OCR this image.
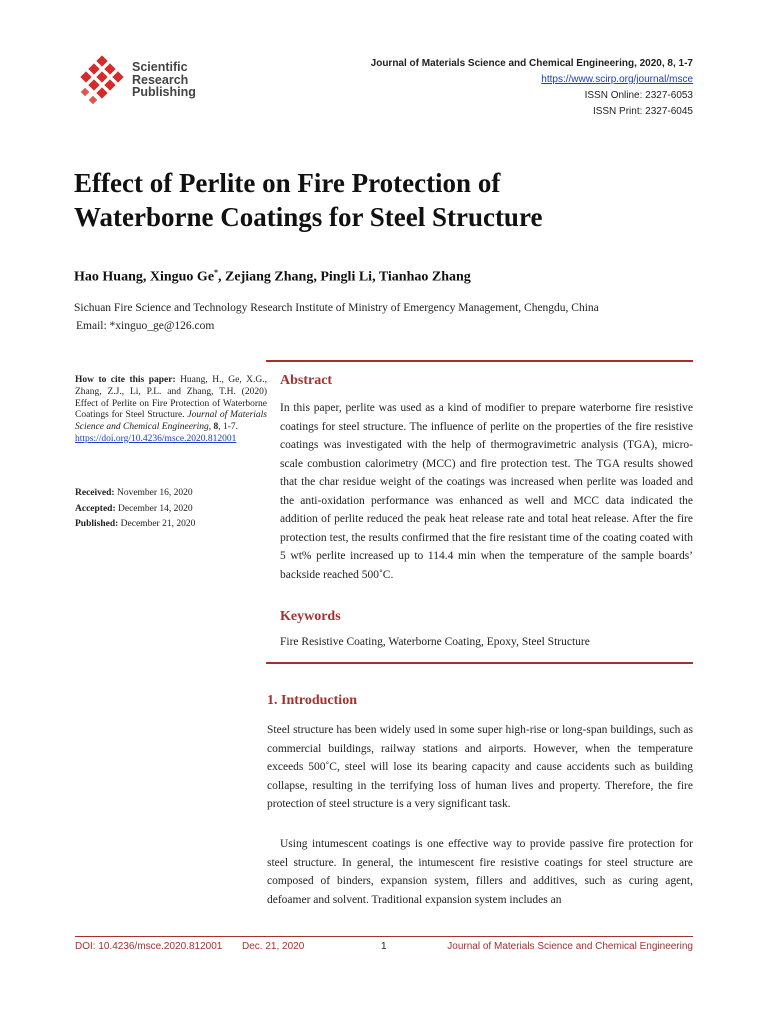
Scientific
Research
Publishing
Journal of Materials Science and Chemical Engineering, 2020, 8, 1-7
https://www.scirp.org/journal/msce
ISSN Online: 2327-6053
ISSN Print: 2327-6045
Effect of Perlite on Fire Protection of
Waterborne Coatings for Steel Structure
Hao Huang, Xinguo Ge*, Zejiang Zhang, Pingli Li, Tianhao Zhang
Sichuan Fire Science and Technology Research Institute of Ministry of Emergency Management, Chengdu, China
Email: *xinguo_ge@126.com
How to cite this paper: Huang, H., Ge, X.G., Zhang, Z.J., Li, P.L. and Zhang, T.H. (2020) Effect of Perlite on Fire Protection of Waterborne Coatings for Steel Structure. Journal of Materials Science and Chemical Engineering, 8, 1-7.
https://doi.org/10.4236/msce.2020.812001
Received: November 16, 2020
Accepted: December 14, 2020
Published: December 21, 2020
Abstract
In this paper, perlite was used as a kind of modifier to prepare waterborne fire resistive coatings for steel structure. The influence of perlite on the properties of the fire resistive coatings was investigated with the help of thermogravimetric analysis (TGA), micro-scale combustion calorimetry (MCC) and fire protection test. The TGA results showed that the char residue weight of the coatings was increased when perlite was loaded and the anti-oxidation performance was enhanced as well and MCC data indicated the addition of perlite reduced the peak heat release rate and total heat release. After the fire protection test, the results confirmed that the fire resistant time of the coating coated with 5 wt% perlite increased up to 114.4 min when the temperature of the sample boards’ backside reached 500˚C.
Keywords
Fire Resistive Coating, Waterborne Coating, Epoxy, Steel Structure
1. Introduction
Steel structure has been widely used in some super high-rise or long-span buildings, such as commercial buildings, railway stations and airports. However, when the temperature exceeds 500˚C, steel will lose its bearing capacity and cause accidents such as building collapse, resulting in the terrifying loss of human lives and property. Therefore, the fire protection of steel structure is a very significant task.
Using intumescent coatings is one effective way to provide passive fire protection for steel structure. In general, the intumescent fire resistive coatings for steel structure are composed of binders, expansion system, fillers and additives, such as curing agent, defoamer and solvent. Traditional expansion system includes an
DOI: 10.4236/msce.2020.812001 Dec. 21, 2020	1	Journal of Materials Science and Chemical Engineering
